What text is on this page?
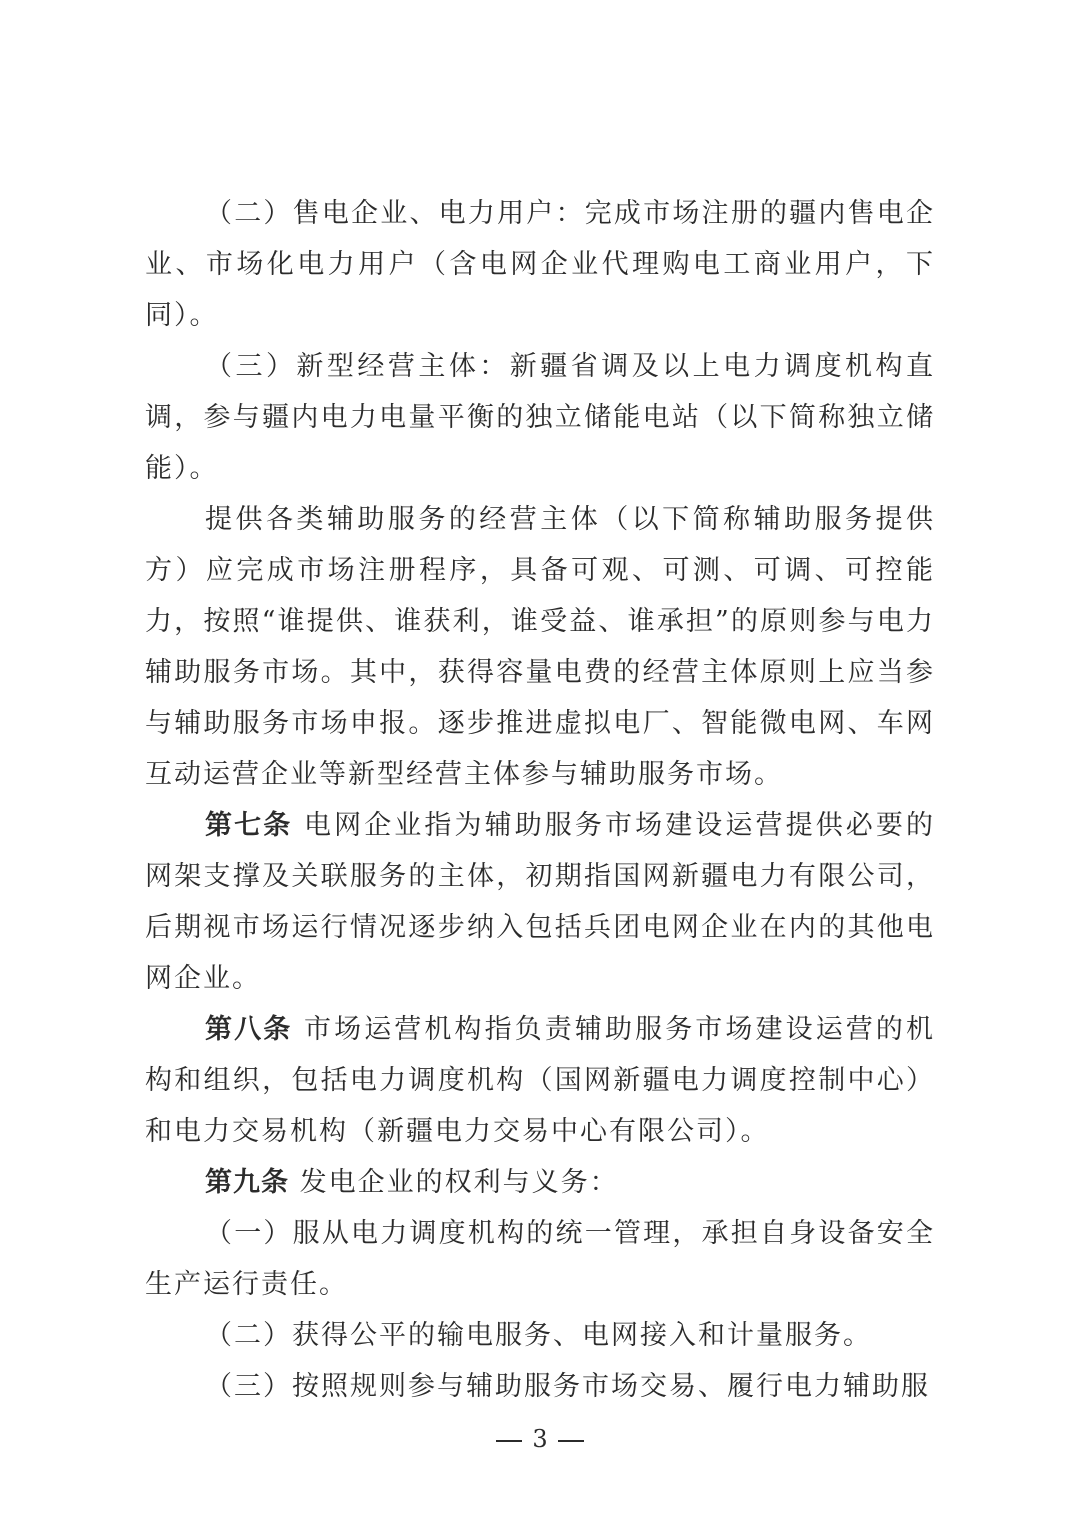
（二）售电企业、电力用户：完成市场注册的疆内售电企业、市场化电力用户（含电网企业代理购电工商业用户，下同）。

（三）新型经营主体：新疆省调及以上电力调度机构直调，参与疆内电力电量平衡的独立储能电站（以下简称独立储能）。

提供各类辅助服务的经营主体（以下简称辅助服务提供方）应完成市场注册程序，具备可观、可测、可调、可控能力，按照“谁提供、谁获利，谁受益、谁承担”的原则参与电力辅助服务市场。其中，获得容量电费的经营主体原则上应当参与辅助服务市场申报。逐步推进虚拟电厂、智能微电网、车网互动运营企业等新型经营主体参与辅助服务市场。

第七条 电网企业指为辅助服务市场建设运营提供必要的网架支撑及关联服务的主体，初期指国网新疆电力有限公司，后期视市场运行情况逐步纳入包括兵团电网企业在内的其他电网企业。

第八条 市场运营机构指负责辅助服务市场建设运营的机构和组织，包括电力调度机构（国网新疆电力调度控制中心）和电力交易机构（新疆电力交易中心有限公司）。

第九条 发电企业的权利与义务：

（一）服从电力调度机构的统一管理，承担自身设备安全生产运行责任。

（二）获得公平的输电服务、电网接入和计量服务。

（三）按照规则参与辅助服务市场交易、履行电力辅助服

3
